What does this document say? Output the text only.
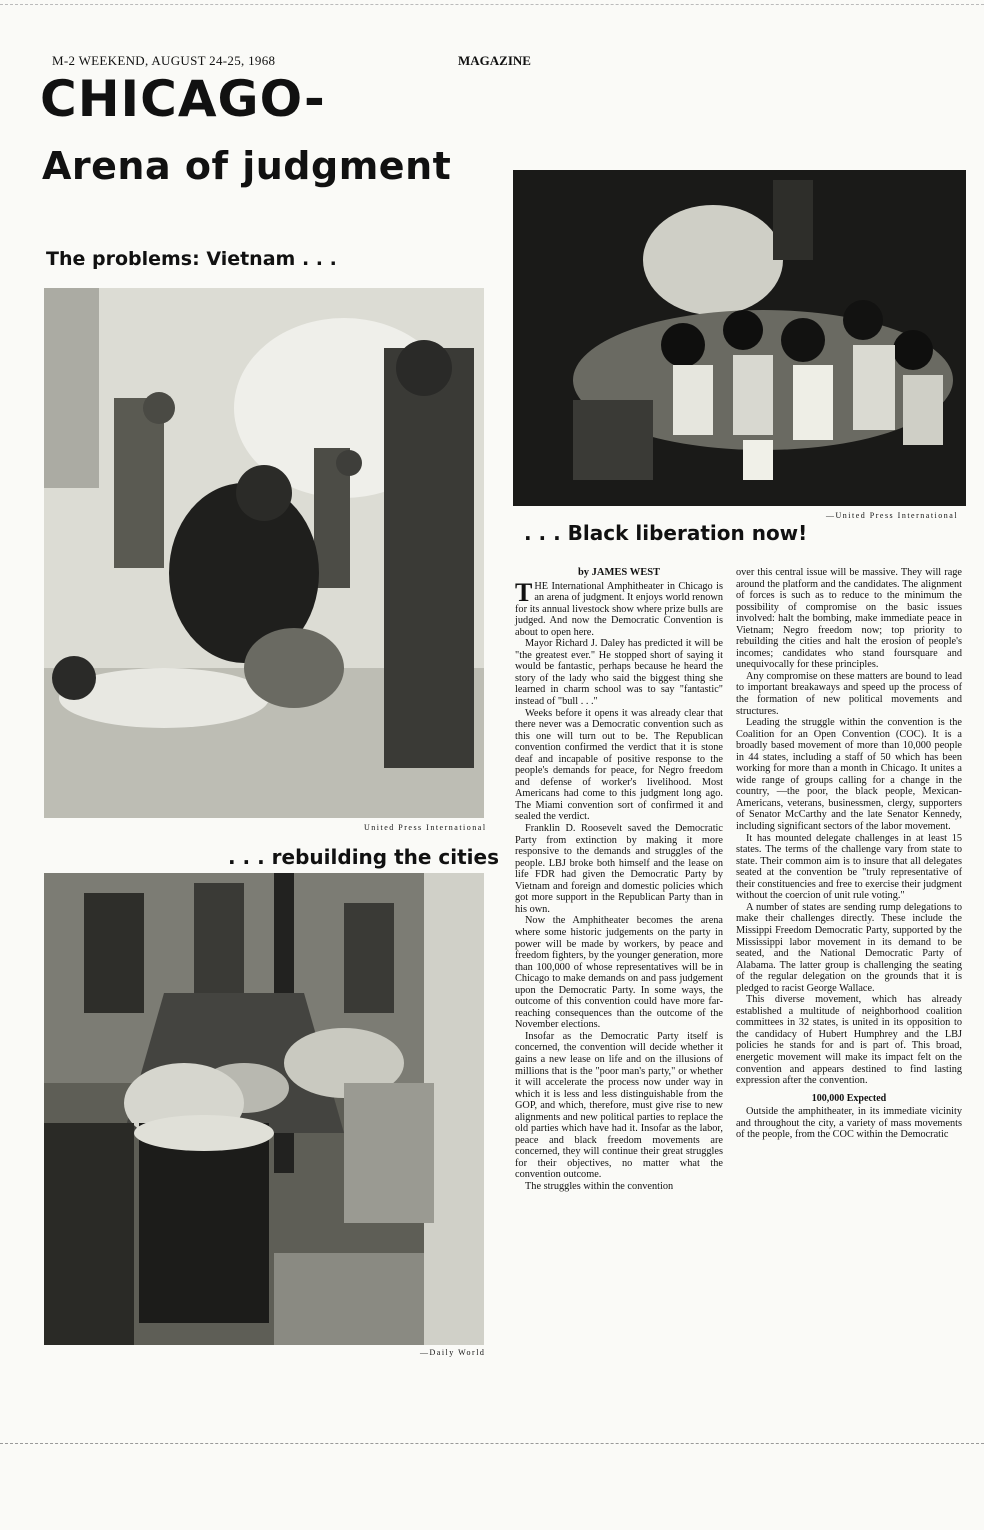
M-2 WEEKEND, AUGUST 24-25, 1968	MAGAZINE
CHICAGO-
Arena of judgment
The problems: Vietnam . . .
United Press International
. . . rebuilding the cities
—Daily World
—United Press International
. . . Black liberation now!
by JAMES WEST

THE International Amphitheater in Chicago is an arena of judgment. It enjoys world renown for its annual livestock show where prize bulls are judged. And now the Democratic Convention is about to open here.

Mayor Richard J. Daley has predicted it will be "the greatest ever." He stopped short of saying it would be fantastic, perhaps because he heard the story of the lady who said the biggest thing she learned in charm school was to say "fantastic" instead of "bull . . ."

Weeks before it opens it was already clear that there never was a Democratic convention such as this one will turn out to be. The Republican convention confirmed the verdict that it is stone deaf and incapable of positive response to the people's demands for peace, for Negro freedom and defense of worker's livelihood. Most Americans had come to this judgment long ago. The Miami convention sort of confirmed it and sealed the verdict.

Franklin D. Roosevelt saved the Democratic Party from extinction by making it more responsive to the demands and struggles of the people. LBJ broke both himself and the lease on life FDR had given the Democratic Party by Vietnam and foreign and domestic policies which got more support in the Republican Party than in his own.

Now the Amphitheater becomes the arena where some historic judgements on the party in power will be made by workers, by peace and freedom fighters, by the younger generation, more than 100,000 of whose representatives will be in Chicago to make demands on and pass judgement upon the Democratic Party. In some ways, the outcome of this convention could have more far-reaching consequences than the outcome of the November elections.

Insofar as the Democratic Party itself is concerned, the convention will decide whether it gains a new lease on life and on the illusions of millions that is the "poor man's party," or whether it will accelerate the process now under way in which it is less and less distinguishable from the GOP, and which, therefore, must give rise to new alignments and new political parties to replace the old parties which have had it. Insofar as the labor, peace and black freedom movements are concerned, they will continue their great struggles for their objectives, no matter what the convention outcome.

The struggles within the convention

over this central issue will be massive. They will rage around the platform and the candidates. The alignment of forces is such as to reduce to the minimum the possibility of compromise on the basic issues involved: halt the bombing, make immediate peace in Vietnam; Negro freedom now; top priority to rebuilding the cities and halt the erosion of people's incomes; candidates who stand foursquare and unequivocally for these principles.

Any compromise on these matters are bound to lead to important breakaways and speed up the process of the formation of new political movements and structures.

Leading the struggle within the convention is the Coalition for an Open Convention (COC). It is a broadly based movement of more than 10,000 people in 44 states, including a staff of 50 which has been working for more than a month in Chicago. It unites a wide range of groups calling for a change in the country, —the poor, the black people, Mexican-Americans, veterans, businessmen, clergy, supporters of Senator McCarthy and the late Senator Kennedy, including significant sectors of the labor movement.

It has mounted delegate challenges in at least 15 states. The terms of the challenge vary from state to state. Their common aim is to insure that all delegates seated at the convention be "truly representative of their constituencies and free to exercise their judgment without the coercion of unit rule voting."

A number of states are sending rump delegations to make their challenges directly. These include the Missippi Freedom Democratic Party, supported by the Mississippi labor movement in its demand to be seated, and the National Democratic Party of Alabama. The latter group is challenging the seating of the regular delegation on the grounds that it is pledged to racist George Wallace.

This diverse movement, which has already established a multitude of neighborhood coalition committees in 32 states, is united in its opposition to the candidacy of Hubert Humphrey and the LBJ policies he stands for and is part of. This broad, energetic movement will make its impact felt on the convention and appears destined to find lasting expression after the convention.

100,000 Expected

Outside the amphitheater, in its immediate vicinity and throughout the city, a variety of mass movements of the people, from the COC within the Democratic
